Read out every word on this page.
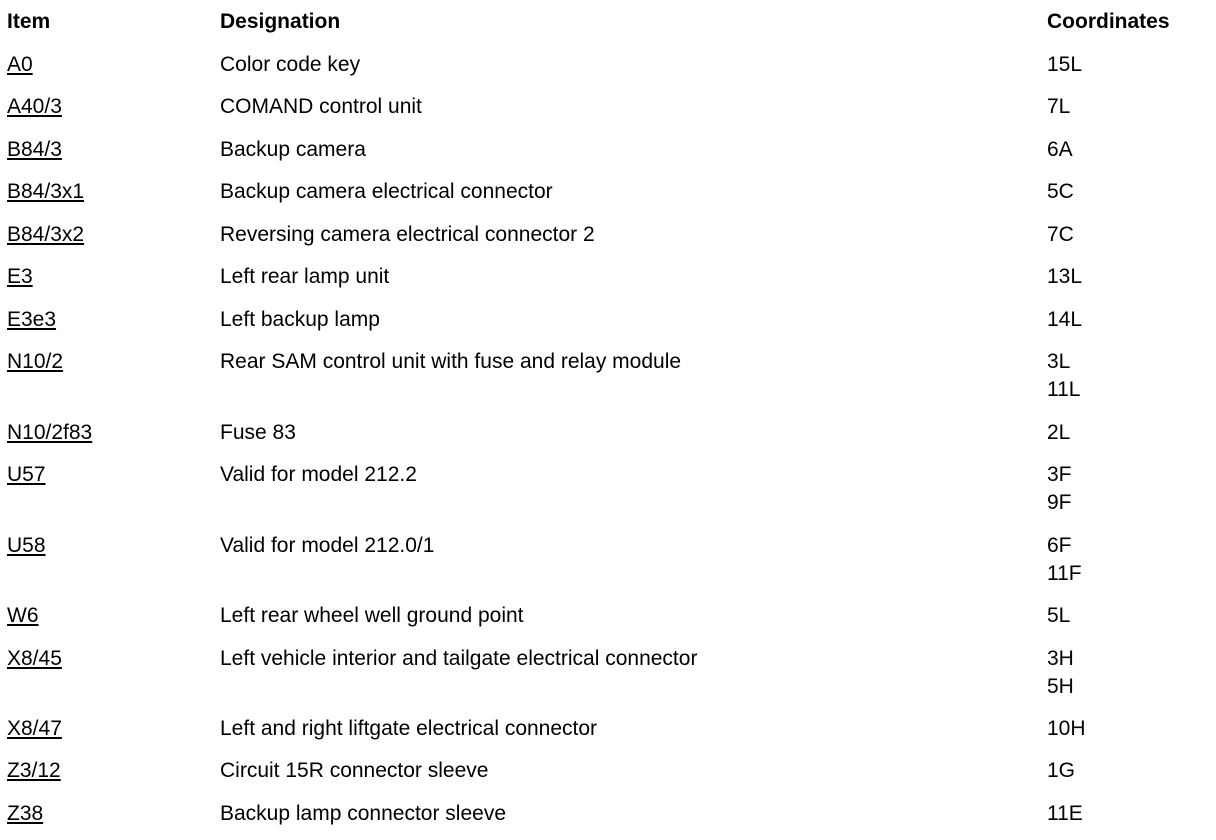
Item	Designation	Coordinates
A0	Color code key	15L
A40/3	COMAND control unit	7L
B84/3	Backup camera	6A
B84/3x1	Backup camera electrical connector	5C
B84/3x2	Reversing camera electrical connector 2	7C
E3	Left rear lamp unit	13L
E3e3	Left backup lamp	14L
N10/2	Rear SAM control unit with fuse and relay module	3L
11L
N10/2f83	Fuse 83	2L
U57	Valid for model 212.2	3F
9F
U58	Valid for model 212.0/1	6F
11F
W6	Left rear wheel well ground point	5L
X8/45	Left vehicle interior and tailgate electrical connector	3H
5H
X8/47	Left and right liftgate electrical connector	10H
Z3/12	Circuit 15R connector sleeve	1G
Z38	Backup lamp connector sleeve	11E
